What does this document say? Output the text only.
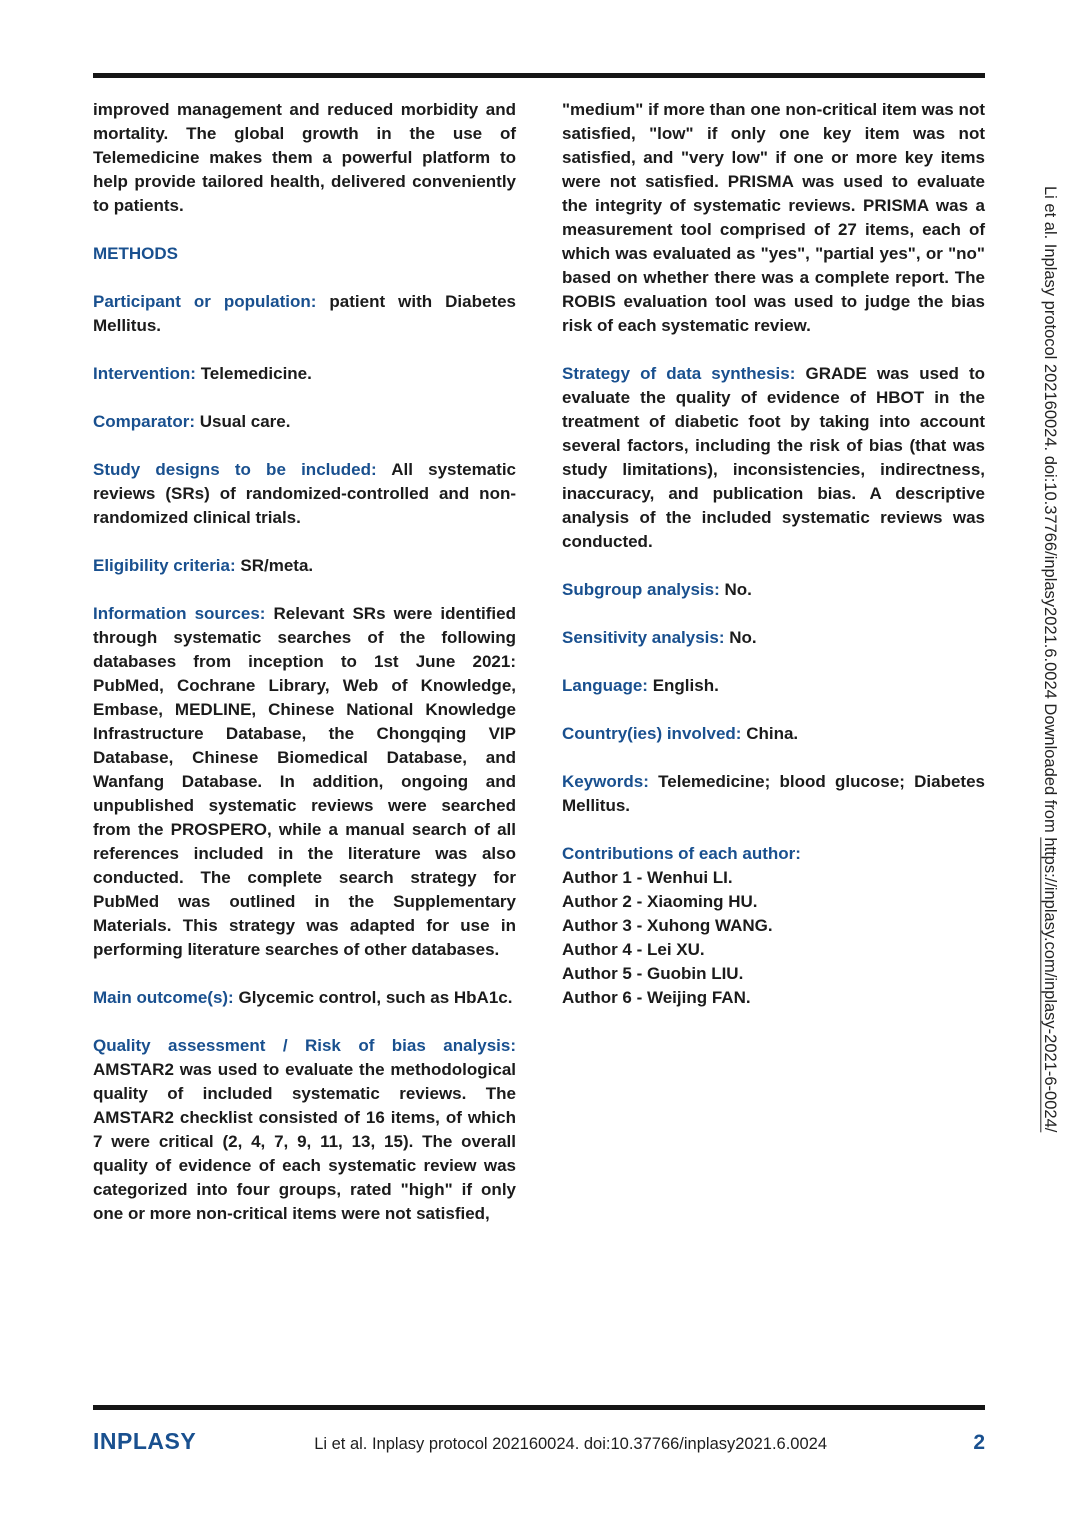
improved management and reduced morbidity and mortality. The global growth in the use of Telemedicine makes them a powerful platform to help provide tailored health, delivered conveniently to patients.

METHODS

Participant or population: patient with Diabetes Mellitus.

Intervention: Telemedicine.

Comparator: Usual care.

Study designs to be included: All systematic reviews (SRs) of randomized-controlled and non-randomized clinical trials.

Eligibility criteria: SR/meta.

Information sources: Relevant SRs were identified through systematic searches of the following databases from inception to 1st June 2021: PubMed, Cochrane Library, Web of Knowledge, Embase, MEDLINE, Chinese National Knowledge Infrastructure Database, the Chongqing VIP Database, Chinese Biomedical Database, and Wanfang Database. In addition, ongoing and unpublished systematic reviews were searched from the PROSPERO, while a manual search of all references included in the literature was also conducted. The complete search strategy for PubMed was outlined in the Supplementary Materials. This strategy was adapted for use in performing literature searches of other databases.

Main outcome(s): Glycemic control, such as HbA1c.

Quality assessment / Risk of bias analysis: AMSTAR2 was used to evaluate the methodological quality of included systematic reviews. The AMSTAR2 checklist consisted of 16 items, of which 7 were critical (2, 4, 7, 9, 11, 13, 15). The overall quality of evidence of each systematic review was categorized into four groups, rated "high" if only one or more non-critical items were not satisfied,

"medium" if more than one non-critical item was not satisfied, "low" if only one key item was not satisfied, and "very low" if one or more key items were not satisfied. PRISMA was used to evaluate the integrity of systematic reviews. PRISMA was a measurement tool comprised of 27 items, each of which was evaluated as "yes", "partial yes", or "no" based on whether there was a complete report. The ROBIS evaluation tool was used to judge the bias risk of each systematic review.

Strategy of data synthesis: GRADE was used to evaluate the quality of evidence of HBOT in the treatment of diabetic foot by taking into account several factors, including the risk of bias (that was study limitations), inconsistencies, indirectness, inaccuracy, and publication bias. A descriptive analysis of the included systematic reviews was conducted.

Subgroup analysis: No.

Sensitivity analysis: No.

Language: English.

Country(ies) involved: China.

Keywords: Telemedicine; blood glucose; Diabetes Mellitus.

Contributions of each author:
Author 1 - Wenhui LI.
Author 2 - Xiaoming HU.
Author 3 - Xuhong WANG.
Author 4 - Lei XU.
Author 5 - Guobin LIU.
Author 6 - Weijing FAN.

Li et al. Inplasy protocol 202160024. doi:10.37766/inplasy2021.6.0024 Downloaded from https://inplasy.com/inplasy-2021-6-0024/
INPLASY	Li et al. Inplasy protocol 202160024. doi:10.37766/inplasy2021.6.0024	2
